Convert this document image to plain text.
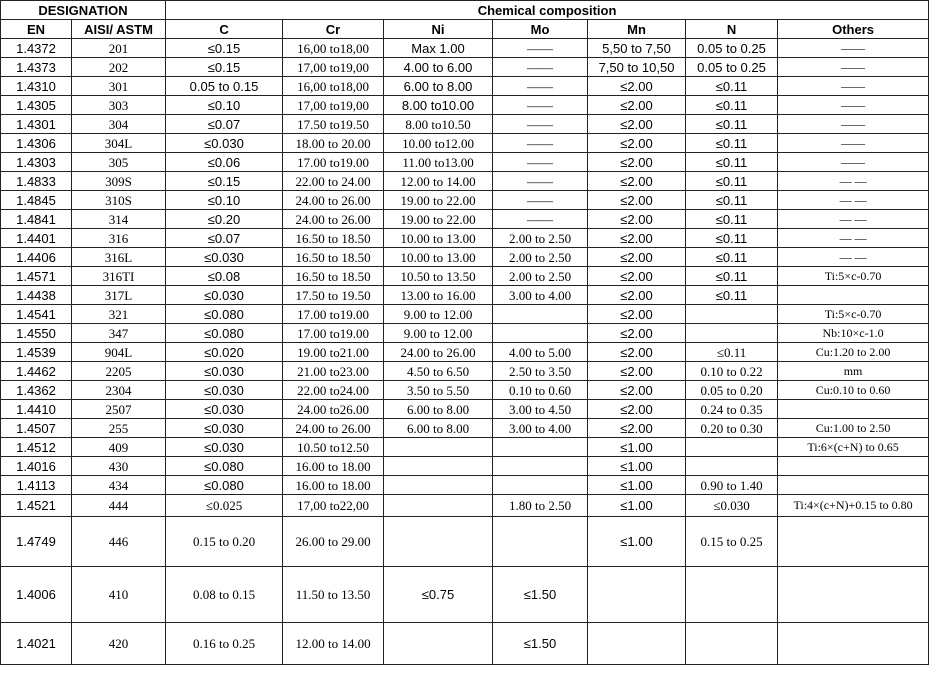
DESIGNATION		Chemical composition						
EN	AISI/ ASTM	C	Cr	Ni	Mo	Mn	N	Others
1.4372	201	≤0.15	16,00 to18,00	Max 1.00	——	5,50 to 7,50	0.05 to 0.25	——
1.4373	202	≤0.15	17,00 to19,00	4.00 to 6.00	——	7,50 to 10,50	0.05 to 0.25	——
1.4310	301	0.05 to 0.15	16,00 to18,00	6.00 to 8.00	——	≤2.00	≤0.11	——
1.4305	303	≤0.10	17,00 to19,00	8.00 to10.00	——	≤2.00	≤0.11	——
1.4301	304	≤0.07	17.50 to19.50	8.00 to10.50	——	≤2.00	≤0.11	——
1.4306	304L	≤0.030	18.00 to 20.00	10.00 to12.00	——	≤2.00	≤0.11	——
1.4303	305	≤0.06	17.00 to19.00	11.00 to13.00	——	≤2.00	≤0.11	——
1.4833	309S	≤0.15	22.00 to 24.00	12.00 to 14.00	——	≤2.00	≤0.11	— —
1.4845	310S	≤0.10	24.00 to 26.00	19.00 to 22.00	——	≤2.00	≤0.11	— —
1.4841	314	≤0.20	24.00 to 26.00	19.00 to 22.00	——	≤2.00	≤0.11	— —
1.4401	316	≤0.07	16.50 to 18.50	10.00 to 13.00	2.00 to 2.50	≤2.00	≤0.11	— —
1.4406	316L	≤0.030	16.50 to 18.50	10.00 to 13.00	2.00 to 2.50	≤2.00	≤0.11	— —
1.4571	316TI	≤0.08	16.50 to 18.50	10.50 to 13.50	2.00 to 2.50	≤2.00	≤0.11	Ti:5×c-0.70
1.4438	317L	≤0.030	17.50 to 19.50	13.00 to 16.00	3.00 to 4.00	≤2.00	≤0.11	
1.4541	321	≤0.080	17.00 to19.00	9.00 to 12.00		≤2.00		Ti:5×c-0.70
1.4550	347	≤0.080	17.00 to19.00	9.00 to 12.00		≤2.00		Nb:10×c-1.0
1.4539	904L	≤0.020	19.00 to21.00	24.00 to 26.00	4.00 to 5.00	≤2.00	≤0.11	Cu:1.20 to 2.00
1.4462	2205	≤0.030	21.00 to23.00	4.50 to 6.50	2.50 to 3.50	≤2.00	0.10 to 0.22	mm
1.4362	2304	≤0.030	22.00 to24.00	3.50 to 5.50	0.10 to 0.60	≤2.00	0.05 to 0.20	Cu:0.10 to 0.60
1.4410	2507	≤0.030	24.00 to26.00	6.00 to 8.00	3.00 to 4.50	≤2.00	0.24 to 0.35	
1.4507	255	≤0.030	24.00 to 26.00	6.00 to 8.00	3.00 to 4.00	≤2.00	0.20 to 0.30	Cu:1.00 to 2.50
1.4512	409	≤0.030	10.50 to12.50			≤1.00		Ti:6×(c+N) to 0.65
1.4016	430	≤0.080	16.00 to 18.00			≤1.00		
1.4113	434	≤0.080	16.00 to 18.00			≤1.00	0.90 to 1.40	
1.4521	444	≤0.025	17,00 to22,00		1.80 to 2.50	≤1.00	≤0.030	Ti:4×(c+N)+0.15 to 0.80
1.4749	446	0.15 to 0.20	26.00 to 29.00			≤1.00	0.15 to 0.25	
1.4006	410	0.08 to 0.15	11.50 to 13.50	≤0.75	≤1.50			
1.4021	420	0.16 to 0.25	12.00 to 14.00		≤1.50			
